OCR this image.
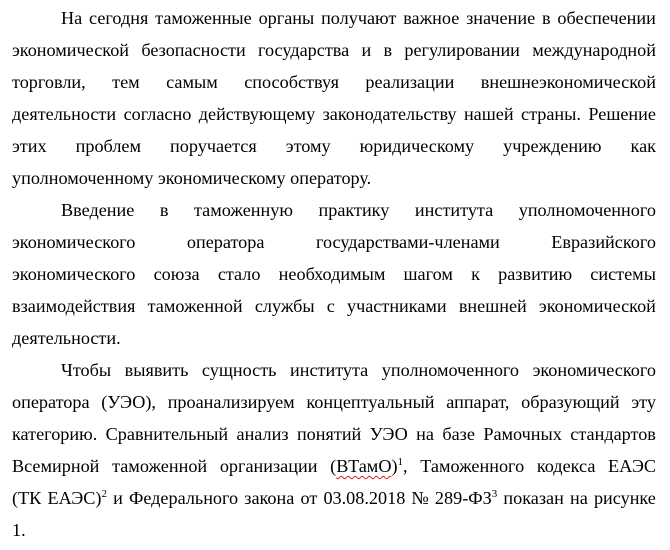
На сегодня таможенные органы получают важное значение в обеспечении
экономической безопасности государства и в регулировании международной
торговли, тем самым способствуя реализации внешнеэкономической
деятельности согласно действующему законодательству нашей страны. Решение
этих проблем поручается этому юридическому учреждению как
уполномоченному экономическому оператору.
Введение в таможенную практику института уполномоченного
экономического	оператора	государствами-членами	Евразийского
экономического союза стало необходимым шагом к развитию системы
взаимодействия таможенной службы с участниками внешней экономической
деятельности.
Чтобы выявить сущность института уполномоченного экономического
оператора (УЭО), проанализируем концептуальный аппарат, образующий эту
категорию. Сравнительный анализ понятий УЭО на базе Рамочных стандартов
Всемирной таможенной организации (ВТамО)$^1$, Таможенного кодекса ЕАЭС
(ТК ЕАЭС)$^2$ и Федерального закона от 03.08.2018 № $289-ФЗ^3$ показан на рисунке
1.
